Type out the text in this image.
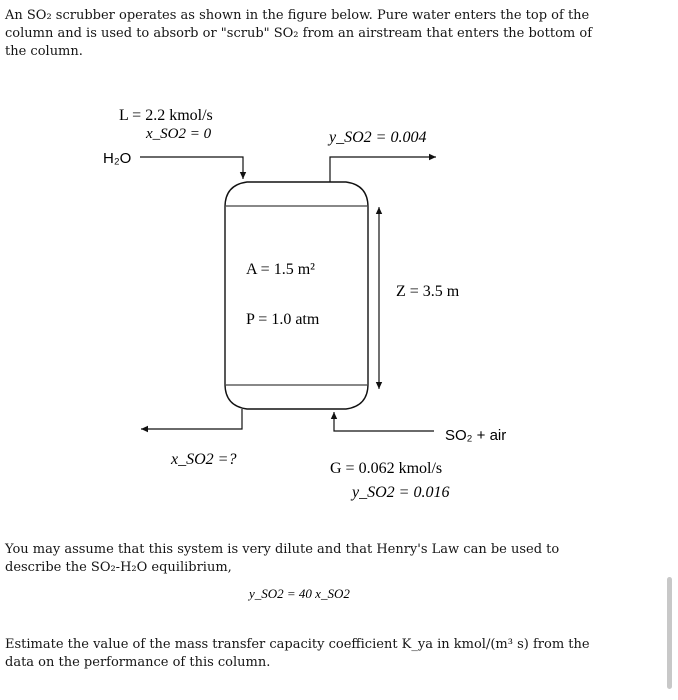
An SO₂ scrubber operates as shown in the figure below. Pure water enters the top of the column and is used to absorb or "scrub" SO₂ from an airstream that enters the bottom of the column.
L = 2.2 kmol/s
x_SO2 = 0
H₂O
y_SO2 = 0.004
A = 1.5 m²
P = 1.0 atm
Z = 3.5 m
SO₂ + air
x_SO2 =?
G = 0.062 kmol/s
y_SO2 = 0.016
y_SO2 = 40 x_SO2
You may assume that this system is very dilute and that Henry's Law can be used to describe the SO₂-H₂O equilibrium,
Estimate the value of the mass transfer capacity coefficient K_ya in kmol/(m³ s) from the data on the performance of this column.
